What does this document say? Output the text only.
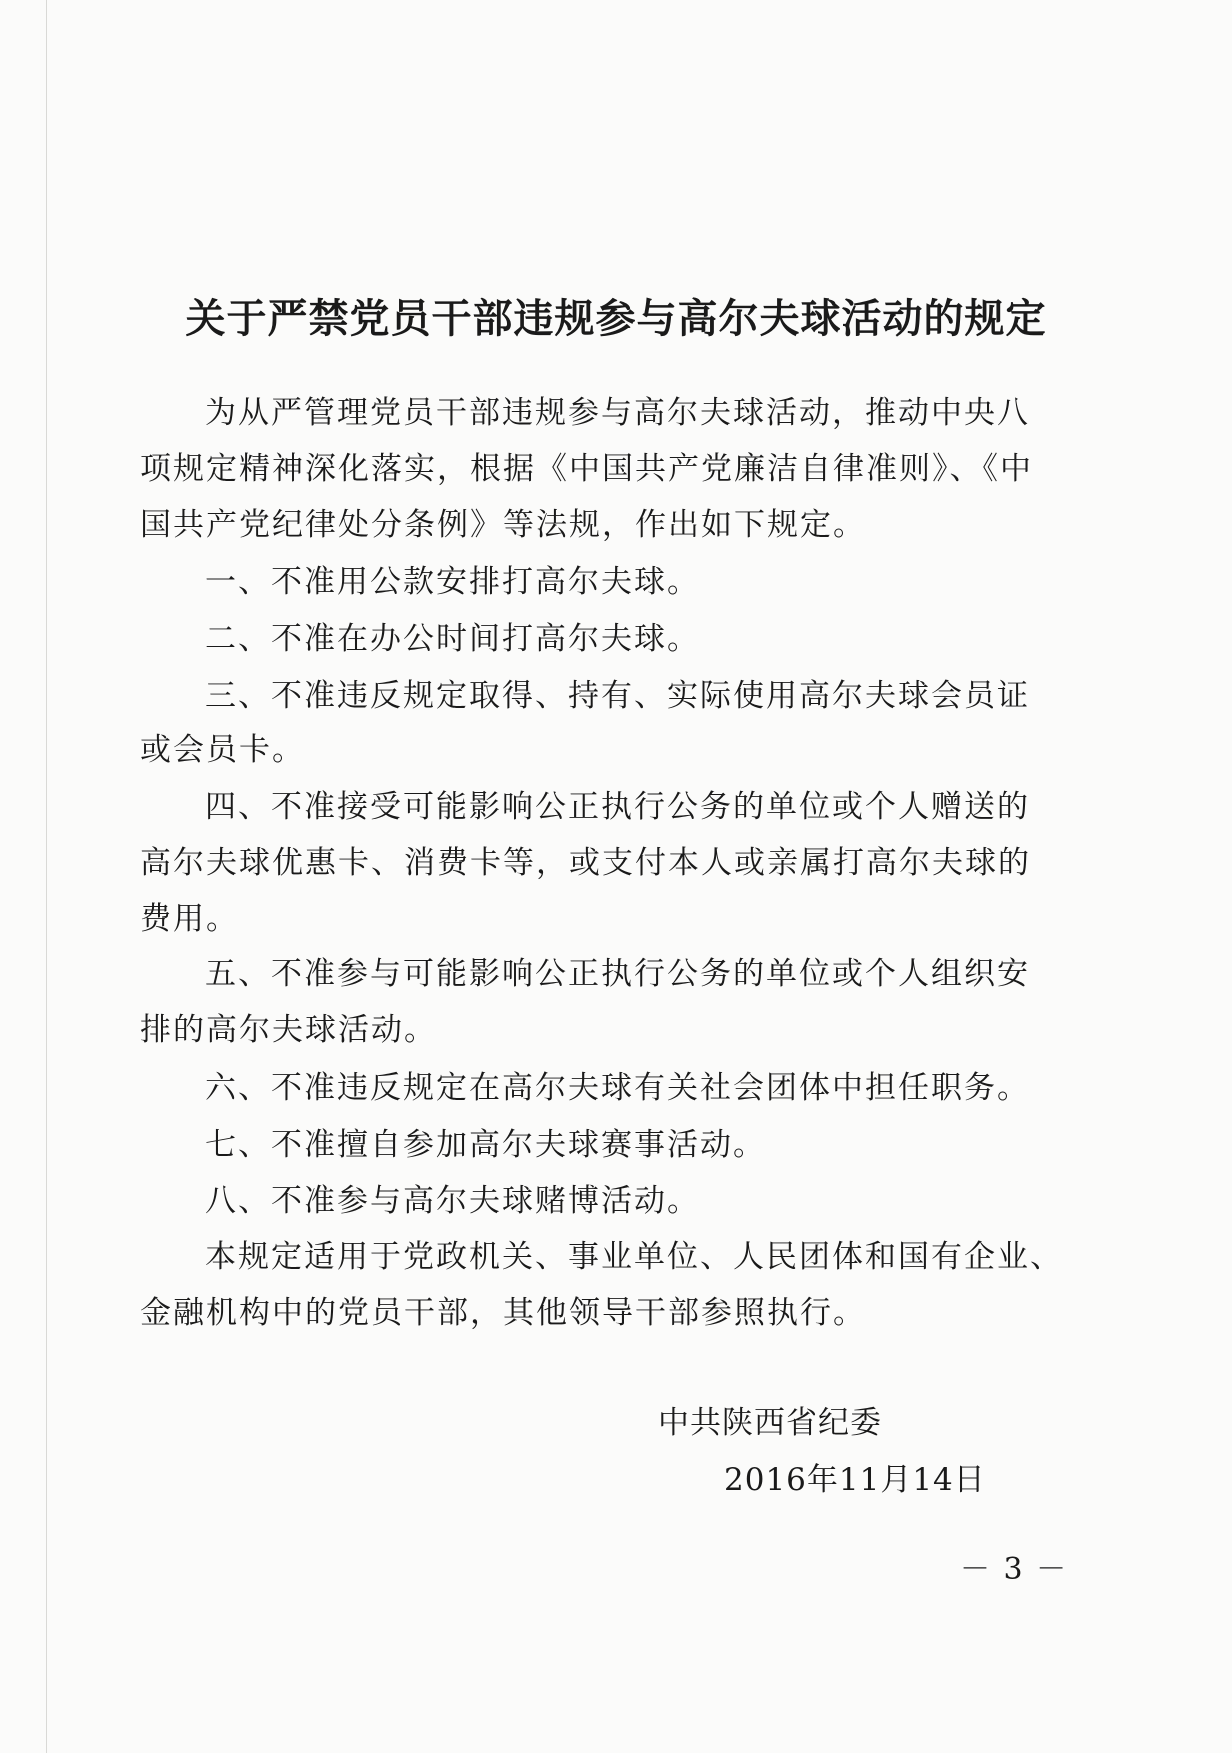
关于严禁党员干部违规参与高尔夫球活动的规定
为从严管理党员干部违规参与高尔夫球活动，推动中央八
项规定精神深化落实，根据《中国共产党廉洁自律准则》、《中
国共产党纪律处分条例》等法规，作出如下规定。
一、不准用公款安排打高尔夫球。
二、不准在办公时间打高尔夫球。
三、不准违反规定取得、持有、实际使用高尔夫球会员证
或会员卡。
四、不准接受可能影响公正执行公务的单位或个人赠送的
高尔夫球优惠卡、消费卡等，或支付本人或亲属打高尔夫球的
费用。
五、不准参与可能影响公正执行公务的单位或个人组织安
排的高尔夫球活动。
六、不准违反规定在高尔夫球有关社会团体中担任职务。
七、不准擅自参加高尔夫球赛事活动。
八、不准参与高尔夫球赌博活动。
本规定适用于党政机关、事业单位、人民团体和国有企业、
金融机构中的党员干部，其他领导干部参照执行。
中共陕西省纪委
2016年11月14日
－ 3 －
